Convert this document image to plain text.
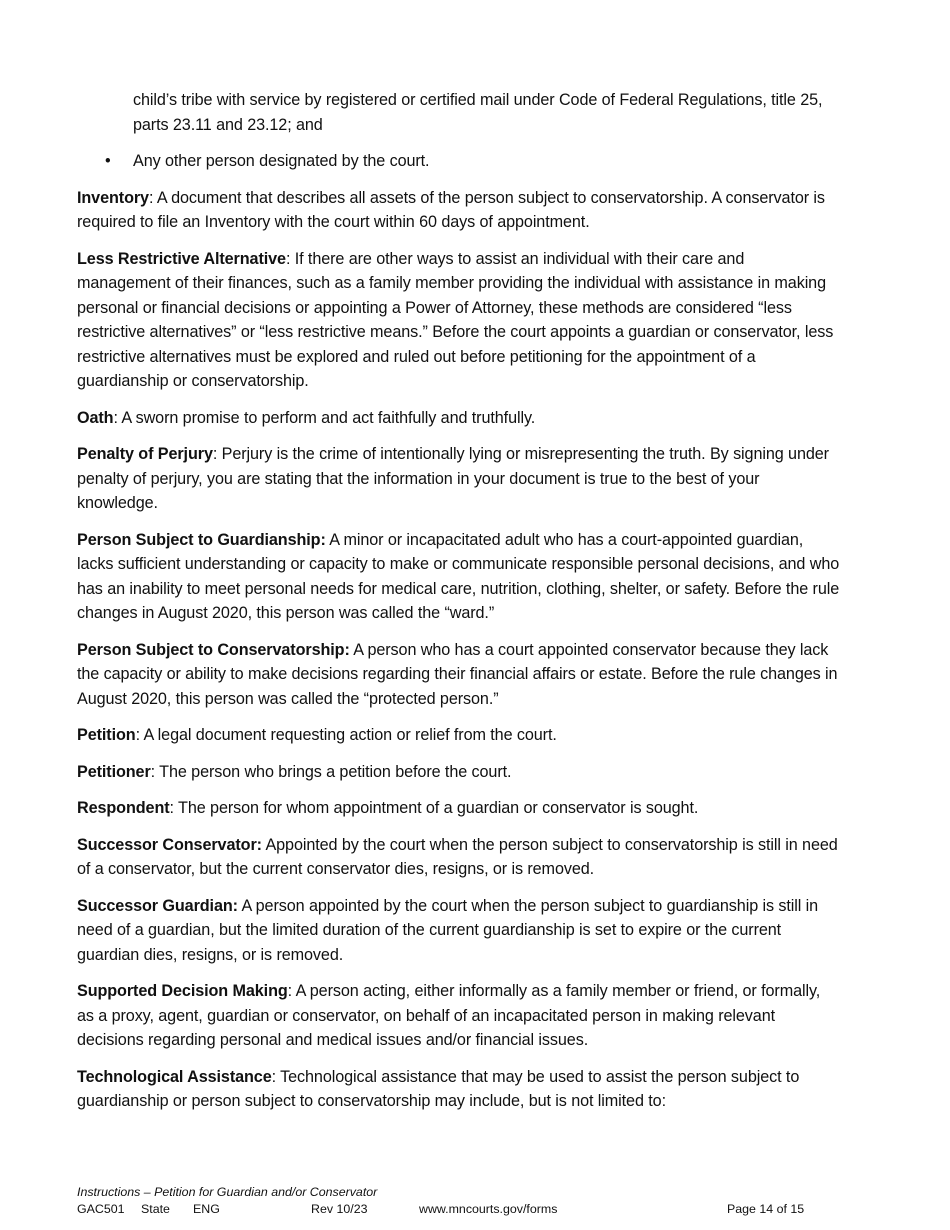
child’s tribe with service by registered or certified mail under Code of Federal Regulations, title 25, parts 23.11 and 23.12; and

• Any other person designated by the court.

Inventory: A document that describes all assets of the person subject to conservatorship. A conservator is required to file an Inventory with the court within 60 days of appointment.

Less Restrictive Alternative: If there are other ways to assist an individual with their care and management of their finances, such as a family member providing the individual with assistance in making personal or financial decisions or appointing a Power of Attorney, these methods are considered “less restrictive alternatives” or “less restrictive means.” Before the court appoints a guardian or conservator, less restrictive alternatives must be explored and ruled out before petitioning for the appointment of a guardianship or conservatorship.

Oath: A sworn promise to perform and act faithfully and truthfully.

Penalty of Perjury: Perjury is the crime of intentionally lying or misrepresenting the truth. By signing under penalty of perjury, you are stating that the information in your document is true to the best of your knowledge.

Person Subject to Guardianship: A minor or incapacitated adult who has a court-appointed guardian, lacks sufficient understanding or capacity to make or communicate responsible personal decisions, and who has an inability to meet personal needs for medical care, nutrition, clothing, shelter, or safety. Before the rule changes in August 2020, this person was called the “ward.”

Person Subject to Conservatorship: A person who has a court appointed conservator because they lack the capacity or ability to make decisions regarding their financial affairs or estate. Before the rule changes in August 2020, this person was called the “protected person.”

Petition: A legal document requesting action or relief from the court.

Petitioner: The person who brings a petition before the court.

Respondent: The person for whom appointment of a guardian or conservator is sought.

Successor Conservator: Appointed by the court when the person subject to conservatorship is still in need of a conservator, but the current conservator dies, resigns, or is removed.

Successor Guardian: A person appointed by the court when the person subject to guardianship is still in need of a guardian, but the limited duration of the current guardianship is set to expire or the current guardian dies, resigns, or is removed.

Supported Decision Making: A person acting, either informally as a family member or friend, or formally, as a proxy, agent, guardian or conservator, on behalf of an incapacitated person in making relevant decisions regarding personal and medical issues and/or financial issues.

Technological Assistance: Technological assistance that may be used to assist the person subject to guardianship or person subject to conservatorship may include, but is not limited to:

Instructions – Petition for Guardian and/or Conservator
GAC501 State ENG	Rev 10/23	www.mncourts.gov/forms	Page 14 of 15
